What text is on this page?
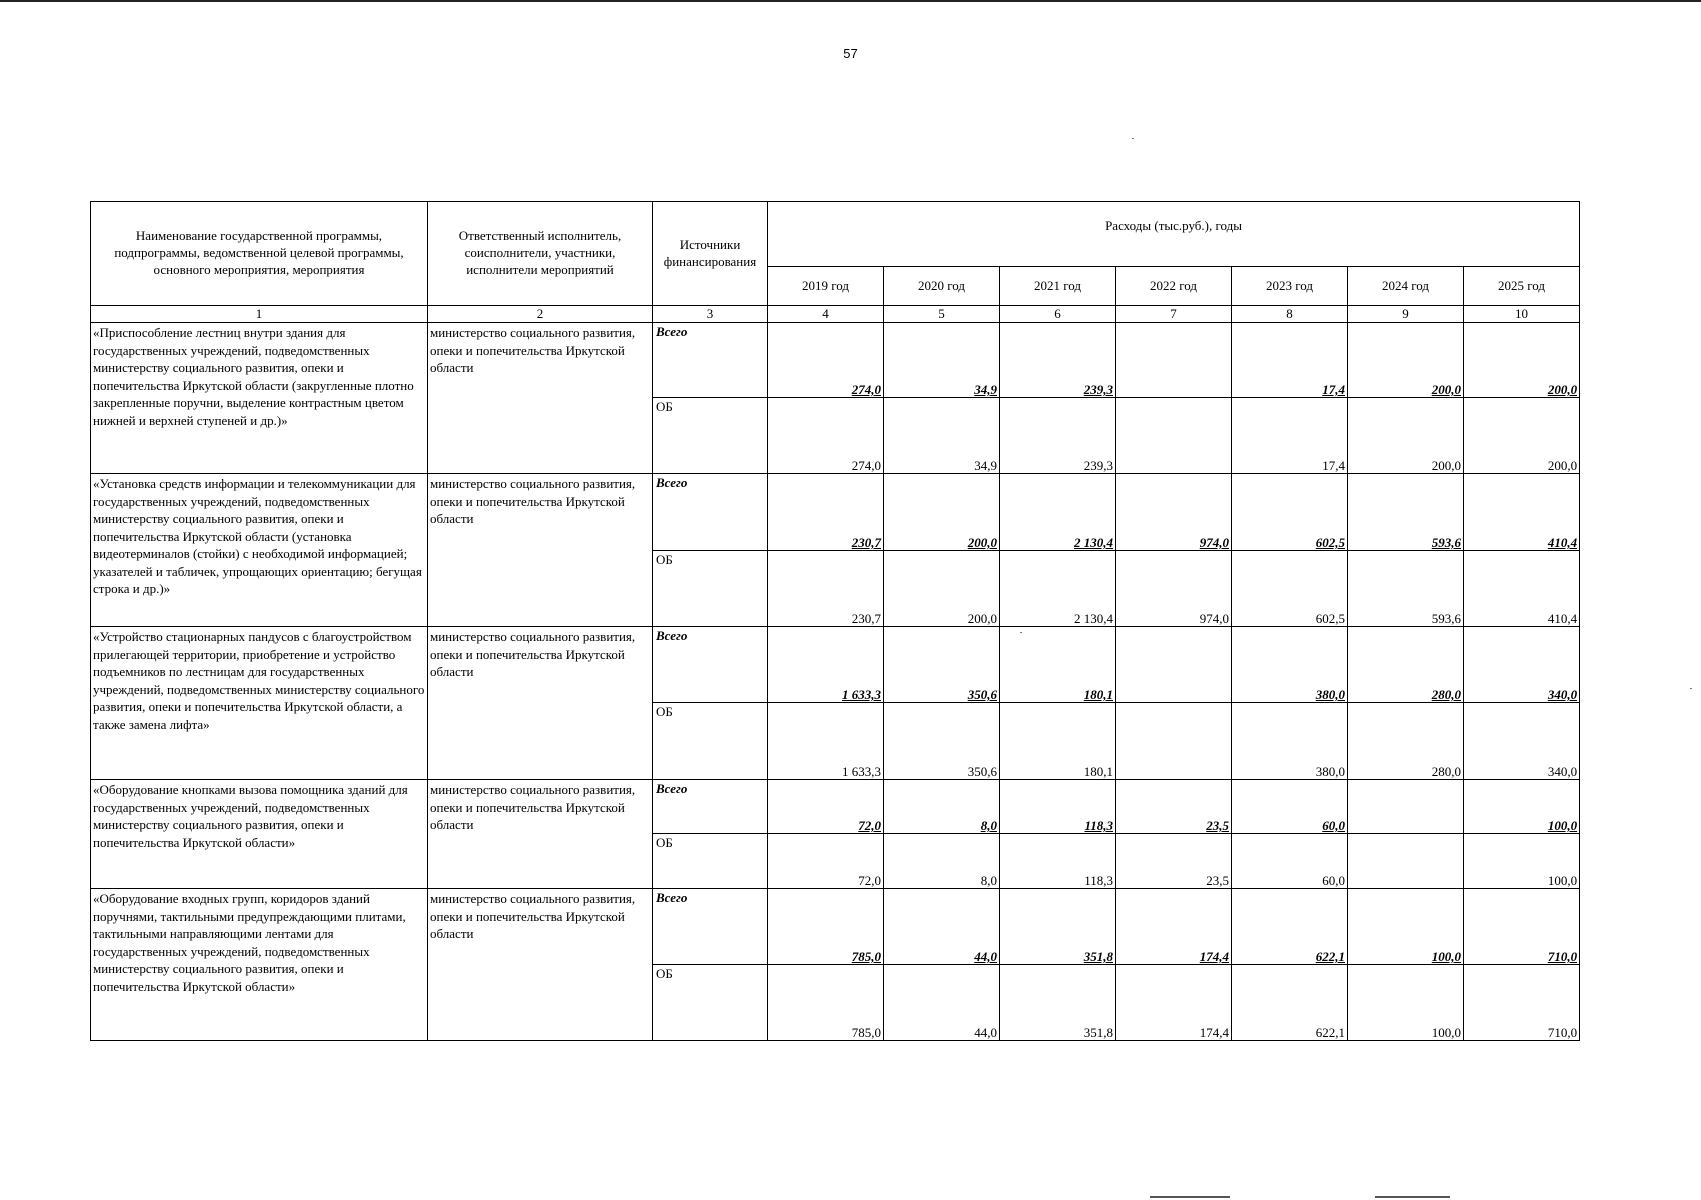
57
Наименование государственной программы, подпрограммы, ведомственной целевой программы, основного мероприятия, мероприятия	Ответственный исполнитель, соисполнители, участники, исполнители мероприятий	Источники финансирования	Расходы (тыс.руб.), годы						
			2019 год	2020 год	2021 год	2022 год	2023 год	2024 год	2025 год
1	2	3	4	5	6	7	8	9	10
«Приспособление лестниц внутри здания для государственных учреждений, подведомственных министерству социального развития, опеки и попечительства Иркутской области (закругленные плотно закрепленные поручни, выделение контрастным цветом нижней и верхней ступеней и др.)»	министерство социального развития, опеки и попечительства Иркутской области	Всего	274,0	34,9	239,3		17,4	200,0	200,0
		ОБ	274,0	34,9	239,3		17,4	200,0	200,0
«Установка средств информации и телекоммуникации для государственных учреждений, подведомственных министерству социального развития, опеки и попечительства Иркутской области (установка видеотерминалов (стойки) с необходимой информацией; указателей и табличек, упрощающих ориентацию; бегущая строка и др.)»	министерство социального развития, опеки и попечительства Иркутской области	Всего	230,7	200,0	2 130,4	974,0	602,5	593,6	410,4
		ОБ	230,7	200,0	2 130,4	974,0	602,5	593,6	410,4
«Устройство стационарных пандусов с благоустройством прилегающей территории, приобретение и устройство подъемников по лестницам для государственных учреждений, подведомственных министерству социального развития, опеки и попечительства Иркутской области, а также замена лифта»	министерство социального развития, опеки и попечительства Иркутской области	Всего	1 633,3	350,6	180,1		380,0	280,0	340,0
		ОБ	1 633,3	350,6	180,1		380,0	280,0	340,0
«Оборудование кнопками вызова помощника зданий для государственных учреждений, подведомственных министерству социального развития, опеки и попечительства Иркутской области»	министерство социального развития, опеки и попечительства Иркутской области	Всего	72,0	8,0	118,3	23,5	60,0		100,0
		ОБ	72,0	8,0	118,3	23,5	60,0		100,0
«Оборудование входных групп, коридоров зданий поручнями, тактильными предупреждающими плитами, тактильными направляющими лентами для государственных учреждений, подведомственных министерству социального развития, опеки и попечительства Иркутской области»	министерство социального развития, опеки и попечительства Иркутской области	Всего	785,0	44,0	351,8	174,4	622,1	100,0	710,0
		ОБ	785,0	44,0	351,8	174,4	622,1	100,0	710,0
